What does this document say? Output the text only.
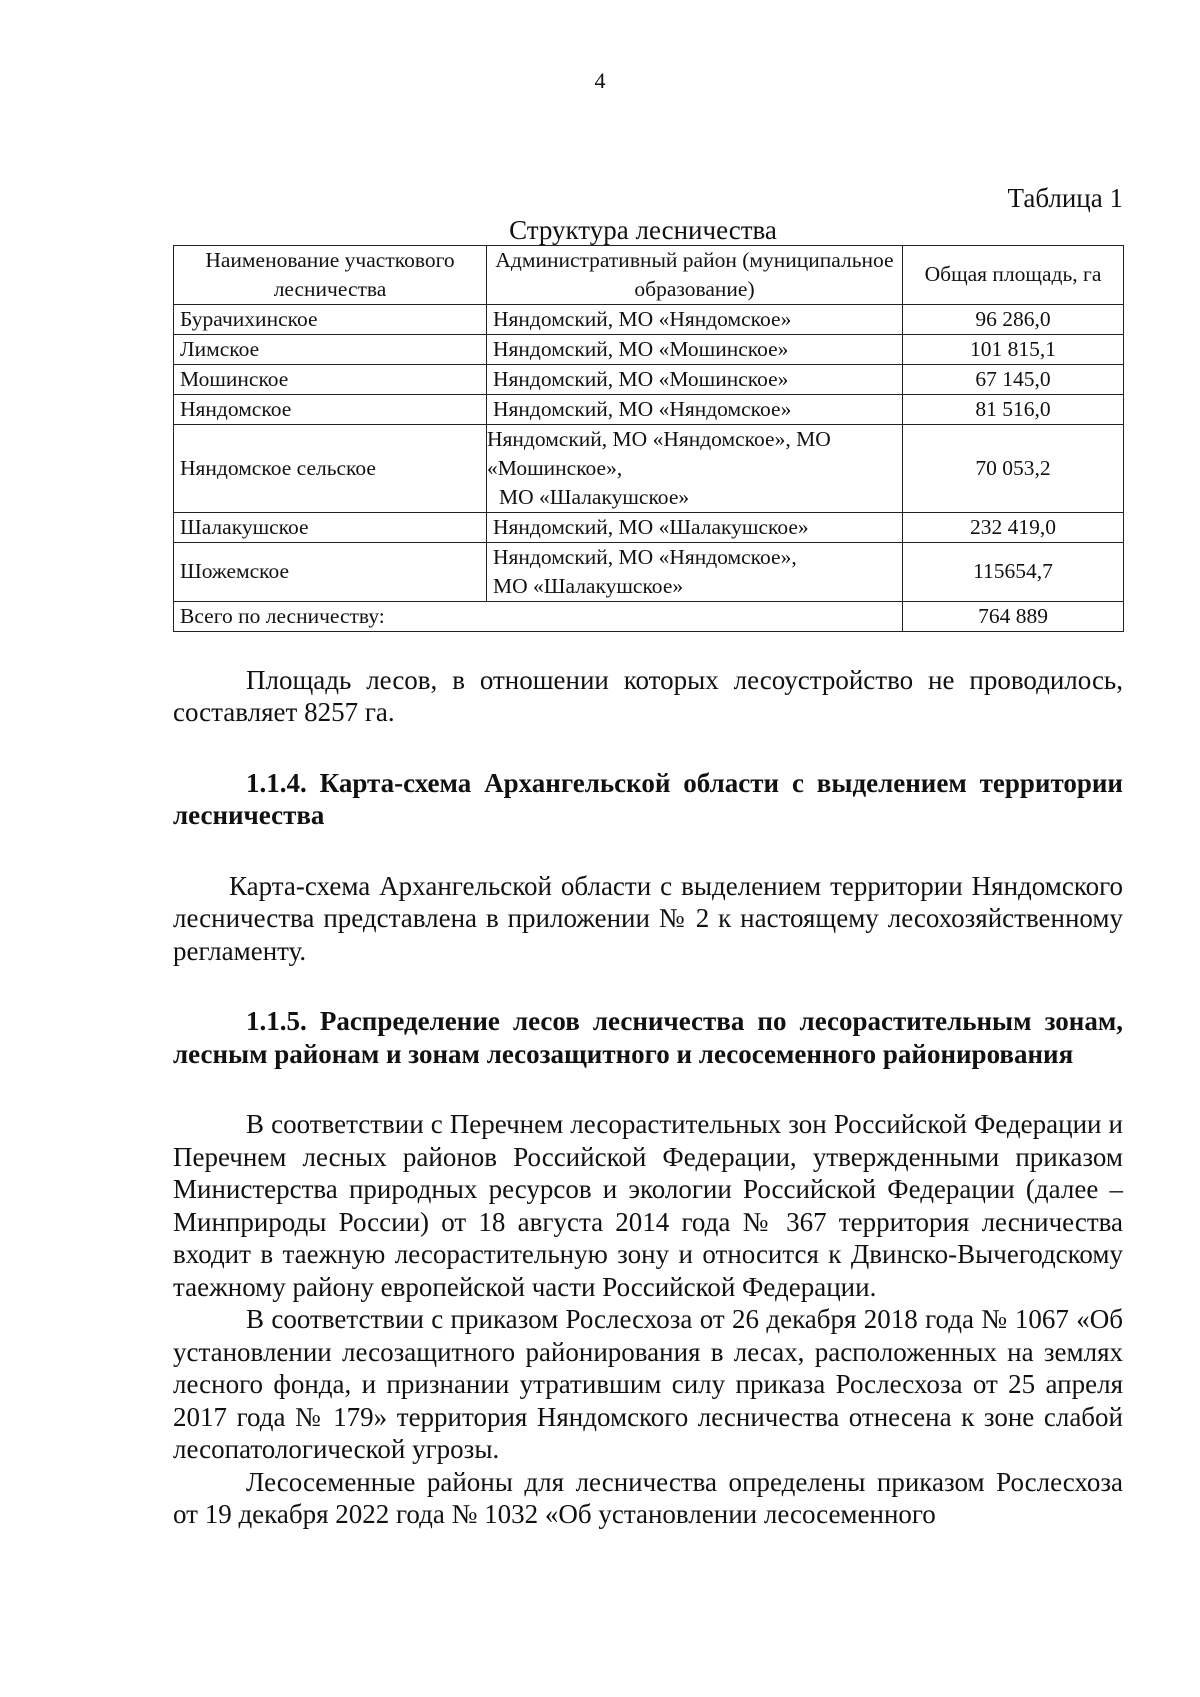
4

Таблица 1

Структура лесничества

Наименование участкового лесничества	Административный район (муниципальное образование)	Общая площадь, га
Бурачихинское	Няндомский, МО «Няндомское»	96 286,0
Лимское	Няндомский, МО «Мошинское»	101 815,1
Мошинское	Няндомский, МО «Мошинское»	67 145,0
Няндомское	Няндомский, МО «Няндомское»	81 516,0
Няндомское сельское	Няндомский, МО «Няндомское», МО
«Мошинское»,
МО «Шалакушское»	70 053,2
Шалакушское	Няндомский, МО «Шалакушское»	232 419,0
Шожемское	Няндомский, МО «Няндомское»,
МО «Шалакушское»	115654,7
Всего по лесничеству:		764 889

Площадь лесов, в отношении которых лесоустройство не проводилось, составляет 8257 га.

1.1.4. Карта-схема Архангельской области с выделением территории лесничества

Карта-схема Архангельской области с выделением территории Няндомского лесничества представлена в приложении № 2 к настоящему лесохозяйственному регламенту.

1.1.5. Распределение лесов лесничества по лесорастительным зонам, лесным районам и зонам лесозащитного и лесосеменного районирования

В соответствии с Перечнем лесорастительных зон Российской Федерации и Перечнем лесных районов Российской Федерации, утвержденными приказом Министерства природных ресурсов и экологии Российской Федерации (далее – Минприроды России) от 18 августа 2014 года № 367 территория лесничества входит в таежную лесорастительную зону и относится к Двинско-Вычегодскому таежному району европейской части Российской Федерации.

В соответствии с приказом Рослесхоза от 26 декабря 2018 года № 1067 «Об установлении лесозащитного районирования в лесах, расположенных на землях лесного фонда, и признании утратившим силу приказа Рослесхоза от 25 апреля 2017 года № 179» территория Няндомского лесничества отнесена к зоне слабой лесопатологической угрозы.

Лесосеменные районы для лесничества определены приказом Рослесхоза от 19 декабря 2022 года № 1032 «Об установлении лесосеменного
